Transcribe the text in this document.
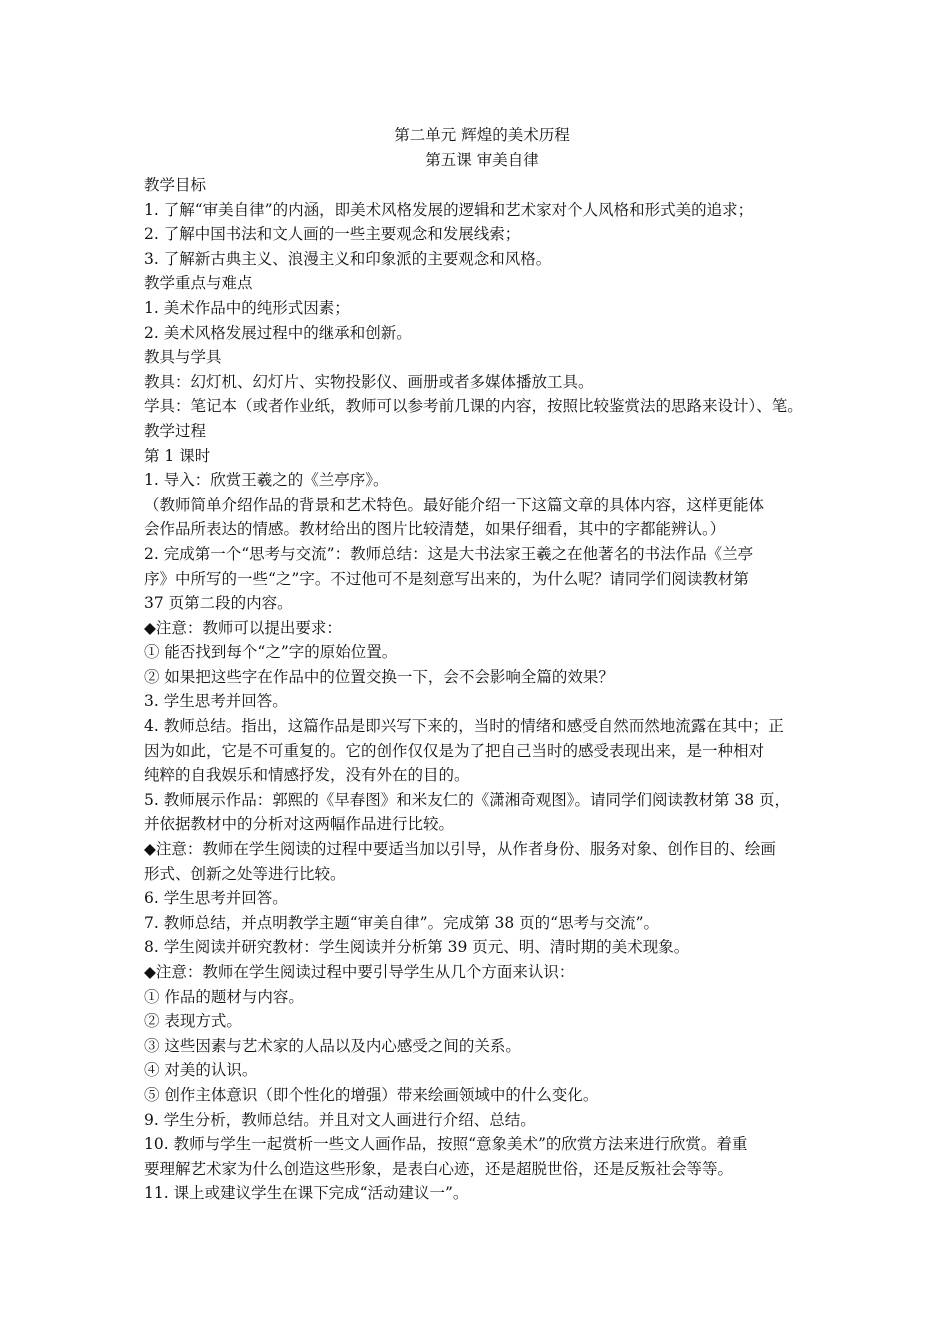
第二单元 辉煌的美术历程

第五课 审美自律

教学目标

1. 了解“审美自律”的内涵，即美术风格发展的逻辑和艺术家对个人风格和形式美的追求；

2. 了解中国书法和文人画的一些主要观念和发展线索；

3. 了解新古典主义、浪漫主义和印象派的主要观念和风格。

教学重点与难点

1. 美术作品中的纯形式因素；

2. 美术风格发展过程中的继承和创新。

教具与学具

教具：幻灯机、幻灯片、实物投影仪、画册或者多媒体播放工具。

学具：笔记本（或者作业纸，教师可以参考前几课的内容，按照比较鉴赏法的思路来设计）、笔。

教学过程

第 1 课时

1. 导入：欣赏王羲之的《兰亭序》。

（教师简单介绍作品的背景和艺术特色。最好能介绍一下这篇文章的具体内容，这样更能体

会作品所表达的情感。教材给出的图片比较清楚，如果仔细看，其中的字都能辨认。）

2. 完成第一个“思考与交流”：教师总结：这是大书法家王羲之在他著名的书法作品《兰亭

序》中所写的一些“之”字。不过他可不是刻意写出来的，为什么呢？请同学们阅读教材第

37 页第二段的内容。

◆注意：教师可以提出要求：

① 能否找到每个“之”字的原始位置。

② 如果把这些字在作品中的位置交换一下，会不会影响全篇的效果？

3. 学生思考并回答。

4. 教师总结。指出，这篇作品是即兴写下来的，当时的情绪和感受自然而然地流露在其中；正

因为如此，它是不可重复的。它的创作仅仅是为了把自己当时的感受表现出来，是一种相对

纯粹的自我娱乐和情感抒发，没有外在的目的。

5. 教师展示作品：郭熙的《早春图》和米友仁的《潇湘奇观图》。请同学们阅读教材第 38 页，

并依据教材中的分析对这两幅作品进行比较。

◆注意：教师在学生阅读的过程中要适当加以引导，从作者身份、服务对象、创作目的、绘画

形式、创新之处等进行比较。

6. 学生思考并回答。

7. 教师总结，并点明教学主题“审美自律”。完成第 38 页的“思考与交流”。

8. 学生阅读并研究教材：学生阅读并分析第 39 页元、明、清时期的美术现象。

◆注意：教师在学生阅读过程中要引导学生从几个方面来认识：

① 作品的题材与内容。

② 表现方式。

③ 这些因素与艺术家的人品以及内心感受之间的关系。

④ 对美的认识。

⑤ 创作主体意识（即个性化的增强）带来绘画领域中的什么变化。

9. 学生分析，教师总结。并且对文人画进行介绍、总结。

10. 教师与学生一起赏析一些文人画作品，按照“意象美术”的欣赏方法来进行欣赏。着重

要理解艺术家为什么创造这些形象，是表白心迹，还是超脱世俗，还是反叛社会等等。

11. 课上或建议学生在课下完成“活动建议一”。
